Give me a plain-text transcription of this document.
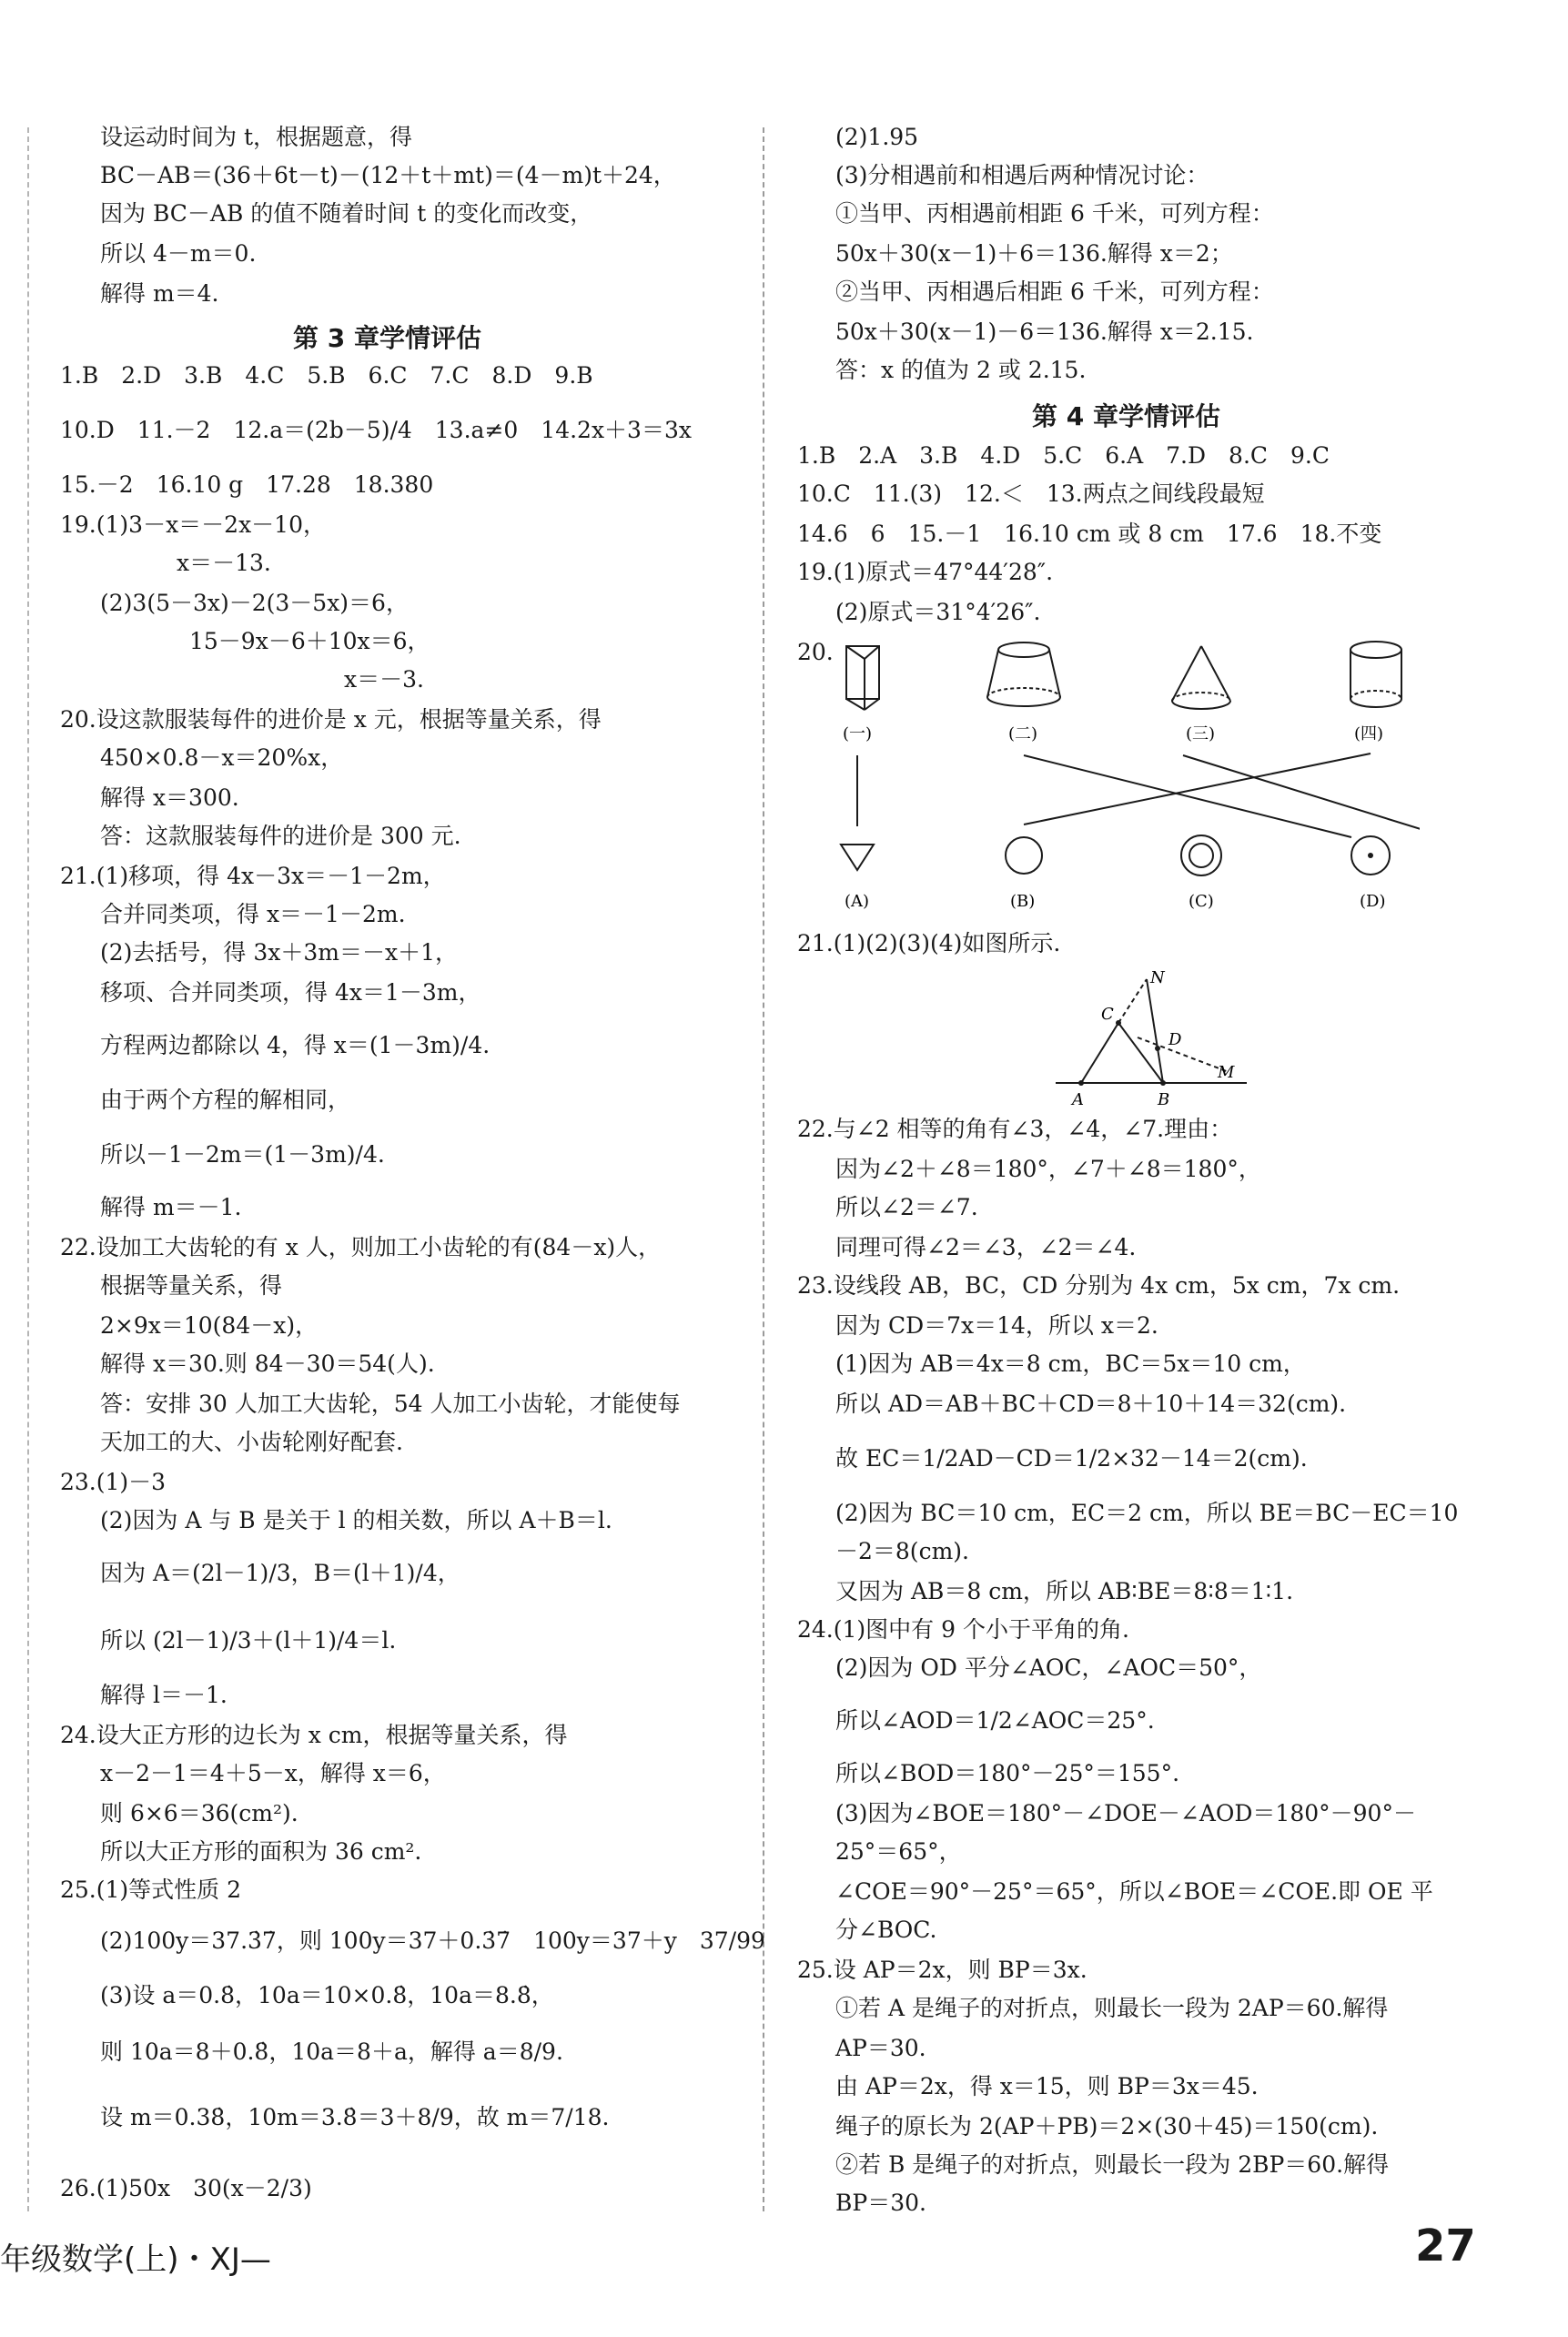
设运动时间为 t，根据题意，得
BC－AB＝(36＋6t－t)－(12＋t＋mt)＝(4－m)t＋24，
因为 BC－AB 的值不随着时间 t 的变化而改变，
所以 4－m＝0.
解得 m＝4.
第 3 章学情评估
1.B　2.D　3.B　4.C　5.B　6.C　7.C　8.D　9.B
10.D　11.－2　12.a＝(2b－5)/4　13.a≠0　14.2x＋3＝3x
15.－2　16.10 g　17.28　18.380
19.(1)3－x＝－2x－10，
x＝－13.
(2)3(5－3x)－2(3－5x)＝6，
15－9x－6＋10x＝6，
x＝－3.
20.设这款服装每件的进价是 x 元，根据等量关系，得
450×0.8－x＝20%x，
解得 x＝300.
答：这款服装每件的进价是 300 元.
21.(1)移项，得 4x－3x＝－1－2m，
合并同类项，得 x＝－1－2m.
(2)去括号，得 3x＋3m＝－x＋1，
移项、合并同类项，得 4x＝1－3m，
方程两边都除以 4，得 x＝(1－3m)/4.
由于两个方程的解相同，
所以－1－2m＝(1－3m)/4.
解得 m＝－1.
22.设加工大齿轮的有 x 人，则加工小齿轮的有(84－x)人，
根据等量关系，得
2×9x＝10(84－x)，
解得 x＝30.则 84－30＝54(人).
答：安排 30 人加工大齿轮，54 人加工小齿轮，才能使每
天加工的大、小齿轮刚好配套.
23.(1)－3
(2)因为 A 与 B 是关于 l 的相关数，所以 A＋B＝l.
因为 A＝(2l－1)/3，B＝(l＋1)/4，
所以 (2l－1)/3＋(l＋1)/4＝l.
解得 l＝－1.
24.设大正方形的边长为 x cm，根据等量关系，得
x－2－1＝4＋5－x，解得 x＝6，
则 6×6＝36(cm²).
所以大正方形的面积为 36 cm².
25.(1)等式性质 2
(2)100y＝37.3̇7̇，则 100y＝37＋0.3̇7̇　100y＝37＋y　37/99
(3)设 a＝0.8̇，10a＝10×0.8̇，10a＝8.8̇，
则 10a＝8＋0.8̇，10a＝8＋a，解得 a＝8/9.
设 m＝0.38̇，10m＝3.8̇＝3＋8/9，故 m＝7/18.
26.(1)50x　30(x－2/3)
(2)1.95
(3)分相遇前和相遇后两种情况讨论：
①当甲、丙相遇前相距 6 千米，可列方程：
50x＋30(x－1)＋6＝136.解得 x＝2；
②当甲、丙相遇后相距 6 千米，可列方程：
50x＋30(x－1)－6＝136.解得 x＝2.15.
答：x 的值为 2 或 2.15.
第 4 章学情评估
1.B　2.A　3.B　4.D　5.C　6.A　7.D　8.C　9.C
10.C　11.(3)　12.＜　13.两点之间线段最短
14.6　6　15.－1　16.10 cm 或 8 cm　17.6　18.不变
19.(1)原式＝47°44′28″.
(2)原式＝31°4′26″.
20.
(一)	(二)	(三)	(四)
(A)	(B)	(C)	(D)
21.(1)(2)(3)(4)如图所示.
C
N
D
M
A	B
22.与∠2 相等的角有∠3，∠4，∠7.理由：
因为∠2＋∠8＝180°，∠7＋∠8＝180°，
所以∠2＝∠7.
同理可得∠2＝∠3，∠2＝∠4.
23.设线段 AB，BC，CD 分别为 4x cm，5x cm，7x cm.
因为 CD＝7x＝14，所以 x＝2.
(1)因为 AB＝4x＝8 cm，BC＝5x＝10 cm，
所以 AD＝AB＋BC＋CD＝8＋10＋14＝32(cm).
故 EC＝1/2AD－CD＝1/2×32－14＝2(cm).
(2)因为 BC＝10 cm，EC＝2 cm，所以 BE＝BC－EC＝10
－2＝8(cm).
又因为 AB＝8 cm，所以 AB∶BE＝8∶8＝1∶1.
24.(1)图中有 9 个小于平角的角.
(2)因为 OD 平分∠AOC，∠AOC＝50°，
所以∠AOD＝1/2∠AOC＝25°.
所以∠BOD＝180°－25°＝155°.
(3)因为∠BOE＝180°－∠DOE－∠AOD＝180°－90°－
25°＝65°，
∠COE＝90°－25°＝65°，所以∠BOE＝∠COE.即 OE 平
分∠BOC.
25.设 AP＝2x，则 BP＝3x.
①若 A 是绳子的对折点，则最长一段为 2AP＝60.解得
AP＝30.
由 AP＝2x，得 x＝15，则 BP＝3x＝45.
绳子的原长为 2(AP＋PB)＝2×(30＋45)＝150(cm).
②若 B 是绳子的对折点，则最长一段为 2BP＝60.解得
BP＝30.
年级数学(上)・XJ—	27
